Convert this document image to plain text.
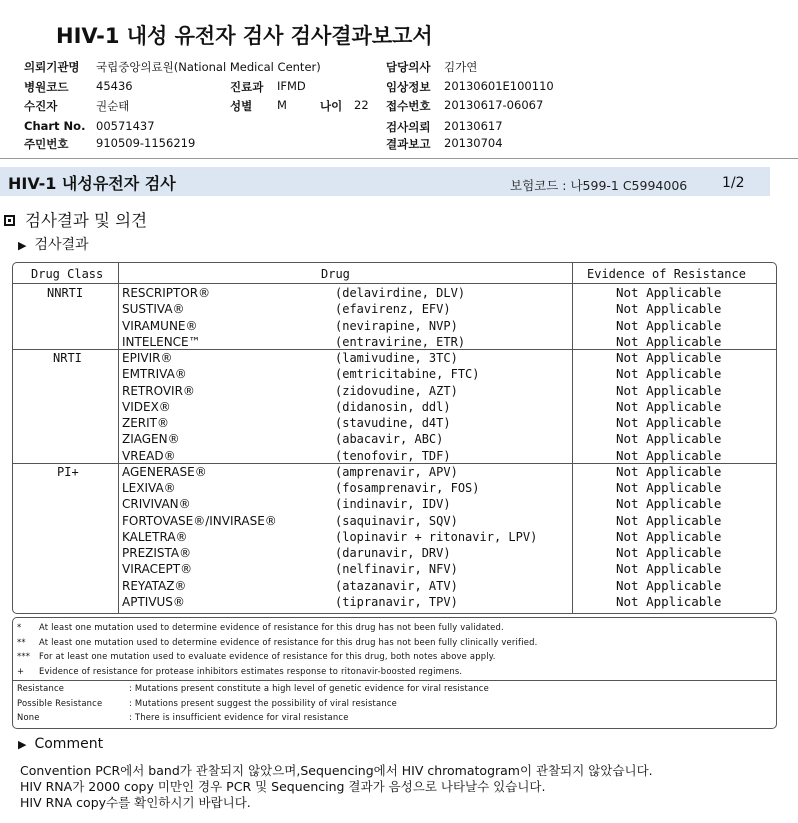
HIV-1 내성 유전자 검사 검사결과보고서
의뢰기관명 국립중앙의료원(National Medical Center)	담당의사 김가연
병원코드 45436	진료과 IFMD	임상정보 20130601E100110
수진자	권순태	성별 M	나이 22 접수번호 20130617-06067
Chart No. 00571437	검사의뢰 20130617
주민번호 910509-1156219	결과보고 20130704
HIV-1 내성유전자 검사	보험코드 : 나599-1 C5994006 1/2
검사결과 및 의견
▶ 검사결과
Drug Class	Drug	Evidence of Resistance
NNRTI	RESCRIPTOR®	(delavirdine, DLV)	Not Applicable
SUSTIVA®	(efavirenz, EFV)	Not Applicable
VIRAMUNE®	(nevirapine, NVP)	Not Applicable
INTELENCE™	(entravirine, ETR)	Not Applicable
NRTI	EPIVIR®	(lamivudine, 3TC)	Not Applicable
EMTRIVA®	(emtricitabine, FTC)	Not Applicable
RETROVIR®	(zidovudine, AZT)	Not Applicable
VIDEX®	(didanosin, ddl)	Not Applicable
ZERIT®	(stavudine, d4T)	Not Applicable
ZIAGEN®	(abacavir, ABC)	Not Applicable
VREAD®	(tenofovir, TDF)	Not Applicable
PI+	AGENERASE®	(amprenavir, APV)	Not Applicable
LEXIVA®	(fosamprenavir, FOS)	Not Applicable
CRIVIVAN®	(indinavir, IDV)	Not Applicable
FORTOVASE®/INVIRASE®	(saquinavir, SQV)	Not Applicable
KALETRA®	(lopinavir + ritonavir, LPV)	Not Applicable
PREZISTA®	(darunavir, DRV)	Not Applicable
VIRACEPT®	(nelfinavir, NFV)	Not Applicable
REYATAZ®	(atazanavir, ATV)	Not Applicable
APTIVUS®	(tipranavir, TPV)	Not Applicable
* At least one mutation used to determine evidence of resistance for this drug has not been fully validated.
** At least one mutation used to determine evidence of resistance for this drug has not been fully clinically verified.
*** For at least one mutation used to evaluate evidence of resistance for this drug, both notes above apply.
+ Evidence of resistance for protease inhibitors estimates response to ritonavir-boosted regimens.
Resistance	: Mutations present constitute a high level of genetic evidence for viral resistance
Possible Resistance	: Mutations present suggest the possibility of viral resistance
None	: There is insufficient evidence for viral resistance
▶ Comment
Convention PCR에서 band가 관찰되지 않았으며,Sequencing에서 HIV chromatogram이 관찰되지 않았습니다.
HIV RNA가 2000 copy 미만인 경우 PCR 및 Sequencing 결과가 음성으로 나타날수 있습니다.
HIV RNA copy수를 확인하시기 바랍니다.
